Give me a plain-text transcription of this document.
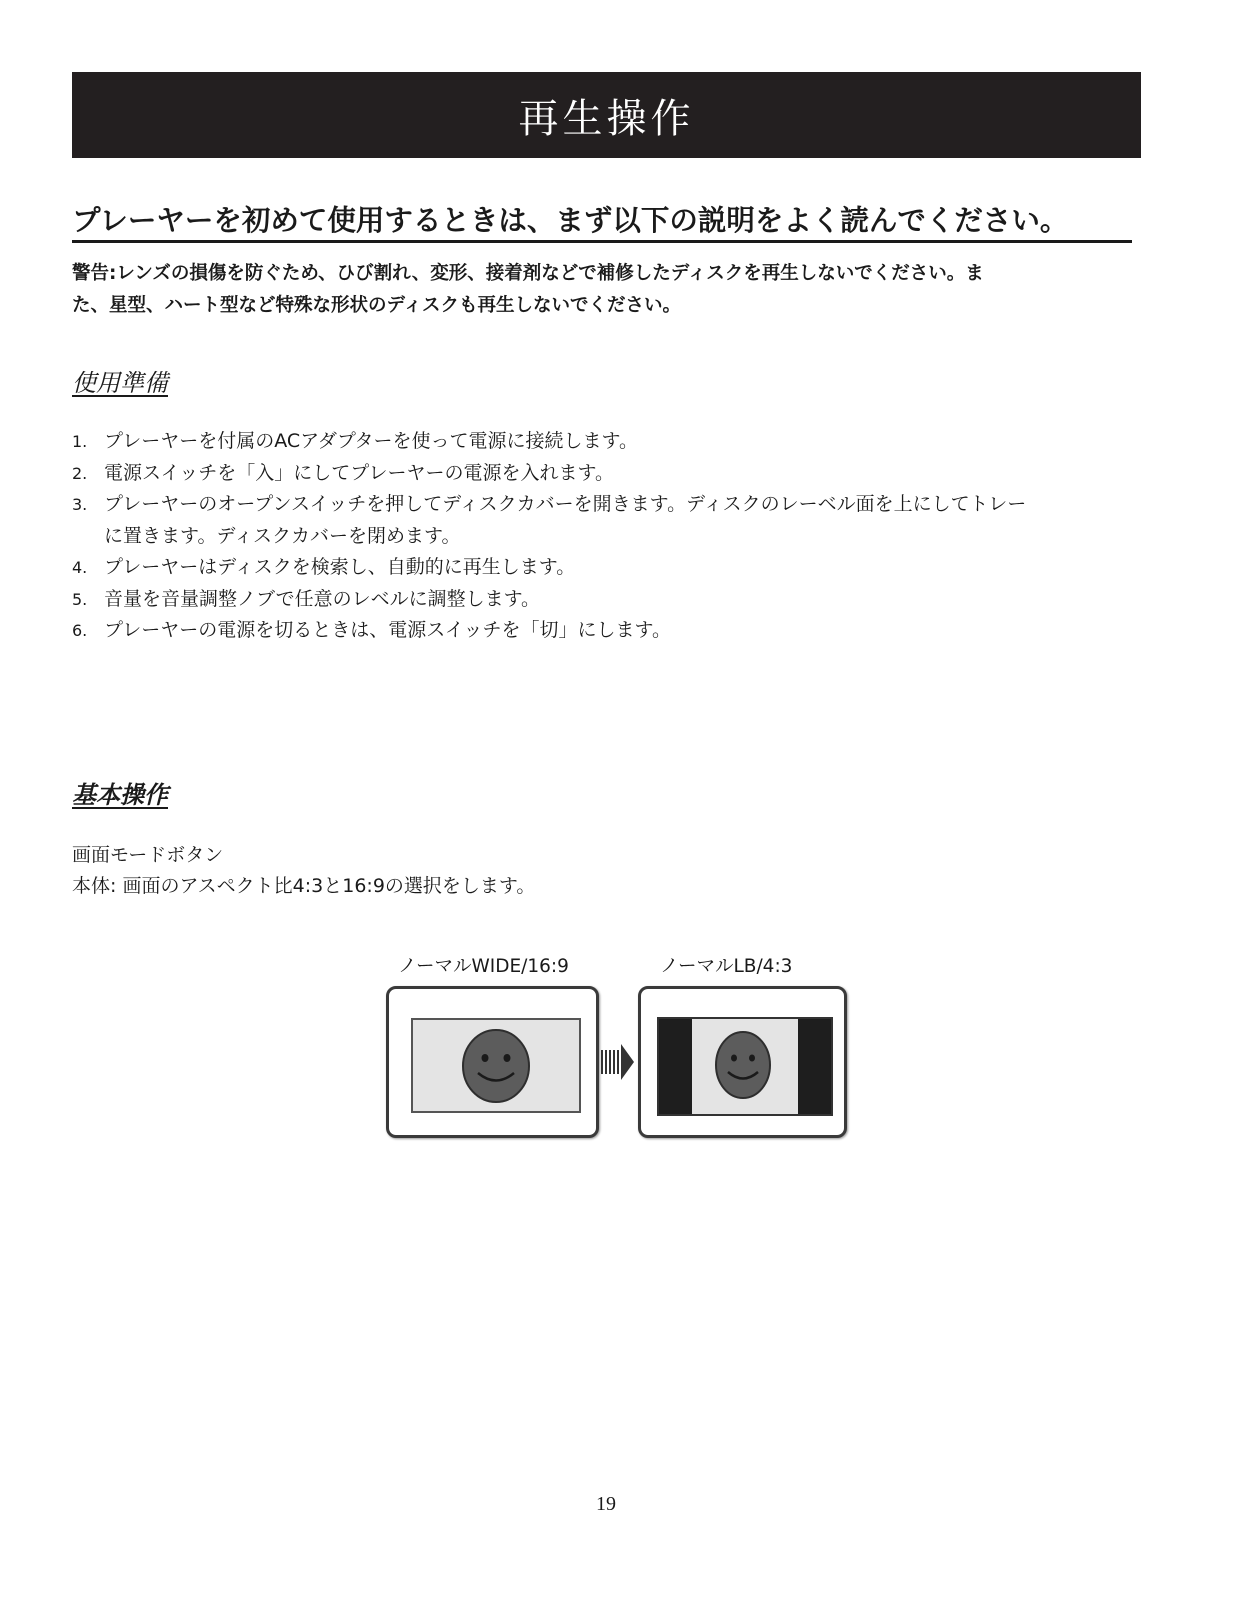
再生操作
プレーヤーを初めて使用するときは、まず以下の説明をよく読んでください。
警告:レンズの損傷を防ぐため、ひび割れ、変形、接着剤などで補修したディスクを再生しないでください。ま
た、星型、ハート型など特殊な形状のディスクも再生しないでください。
使用準備
1. プレーヤーを付属のACアダプターを使って電源に接続します。
2. 電源スイッチを「入」にしてプレーヤーの電源を入れます。
3. プレーヤーのオープンスイッチを押してディスクカバーを開きます。ディスクのレーベル面を上にしてトレー
に置きます。ディスクカバーを閉めます。
4. プレーヤーはディスクを検索し、自動的に再生します。
5. 音量を音量調整ノブで任意のレベルに調整します。
6. プレーヤーの電源を切るときは、電源スイッチを「切」にします。
基本操作
画面モードボタン
本体: 画面のアスペクト比4:3と16:9の選択をします。
ノーマルWIDE/16:9	ノーマルLB/4:3
19
